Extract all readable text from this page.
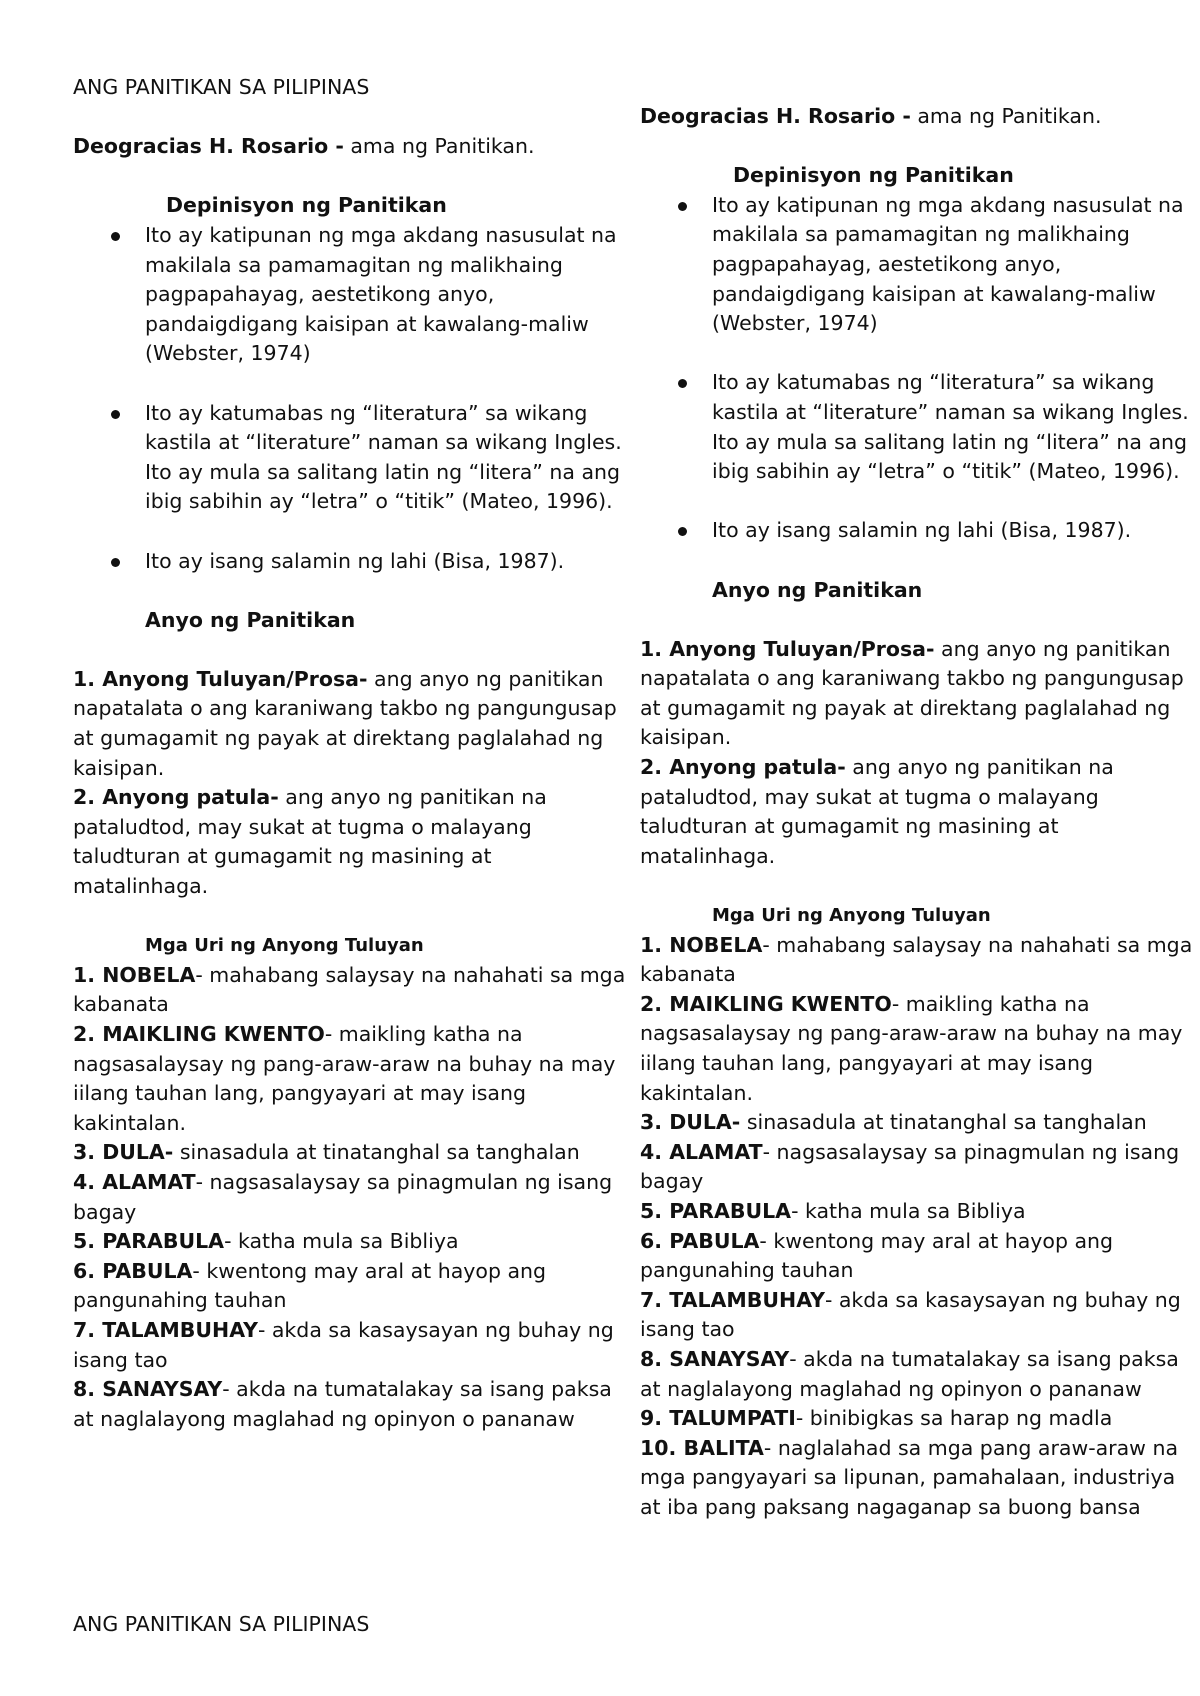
ANG PANITIKAN SA PILIPINAS

Deogracias H. Rosario - ama ng Panitikan.

Depinisyon ng Panitikan

Ito ay katipunan ng mga akdang nasusulat na makilala sa pamamagitan ng malikhaing pagpapahayag, aestetikong anyo, pandaigdigang kaisipan at kawalang-maliw (Webster, 1974)
Ito ay katumabas ng “literatura” sa wikang kastila at “literature” naman sa wikang Ingles. Ito ay mula sa salitang latin ng “litera” na ang ibig sabihin ay “letra” o “titik” (Mateo, 1996).
Ito ay isang salamin ng lahi (Bisa, 1987).

Anyo ng Panitikan

1. Anyong Tuluyan/Prosa- ang anyo ng panitikan napatalata o ang karaniwang takbo ng pangungusap at gumagamit ng payak at direktang paglalahad ng kaisipan.

2. Anyong patula- ang anyo ng panitikan na pataludtod, may sukat at tugma o malayang taludturan at gumagamit ng masining at matalinhaga.

Mga Uri ng Anyong Tuluyan

1. NOBELA- mahabang salaysay na nahahati sa mga kabanata

2. MAIKLING KWENTO- maikling katha na nagsasalaysay ng pang-araw-araw na buhay na may iilang tauhan lang, pangyayari at may isang kakintalan.

3. DULA- sinasadula at tinatanghal sa tanghalan

4. ALAMAT- nagsasalaysay sa pinagmulan ng isang bagay

5. PARABULA- katha mula sa Bibliya

6. PABULA- kwentong may aral at hayop ang pangunahing tauhan

7. TALAMBUHAY- akda sa kasaysayan ng buhay ng isang tao

8. SANAYSAY- akda na tumatalakay sa isang paksa at naglalayong maglahad ng opinyon o pananaw

ANG PANITIKAN SA PILIPINAS

Deogracias H. Rosario - ama ng Panitikan.

Depinisyon ng Panitikan

Ito ay katipunan ng mga akdang nasusulat na makilala sa pamamagitan ng malikhaing pagpapahayag, aestetikong anyo, pandaigdigang kaisipan at kawalang-maliw (Webster, 1974)
Ito ay katumabas ng “literatura” sa wikang kastila at “literature” naman sa wikang Ingles. Ito ay mula sa salitang latin ng “litera” na ang ibig sabihin ay “letra” o “titik” (Mateo, 1996).
Ito ay isang salamin ng lahi (Bisa, 1987).

Anyo ng Panitikan

1. Anyong Tuluyan/Prosa- ang anyo ng panitikan napatalata o ang karaniwang takbo ng pangungusap at gumagamit ng payak at direktang paglalahad ng kaisipan.

2. Anyong patula- ang anyo ng panitikan na pataludtod, may sukat at tugma o malayang taludturan at gumagamit ng masining at matalinhaga.

Mga Uri ng Anyong Tuluyan

1. NOBELA- mahabang salaysay na nahahati sa mga kabanata

2. MAIKLING KWENTO- maikling katha na nagsasalaysay ng pang-araw-araw na buhay na may iilang tauhan lang, pangyayari at may isang kakintalan.

3. DULA- sinasadula at tinatanghal sa tanghalan

4. ALAMAT- nagsasalaysay sa pinagmulan ng isang bagay

5. PARABULA- katha mula sa Bibliya

6. PABULA- kwentong may aral at hayop ang pangunahing tauhan

7. TALAMBUHAY- akda sa kasaysayan ng buhay ng isang tao

8. SANAYSAY- akda na tumatalakay sa isang paksa at naglalayong maglahad ng opinyon o pananaw

9. TALUMPATI- binibigkas sa harap ng madla

10. BALITA- naglalahad sa mga pang araw-araw na mga pangyayari sa lipunan, pamahalaan, industriya at iba pang paksang nagaganap sa buong bansa
